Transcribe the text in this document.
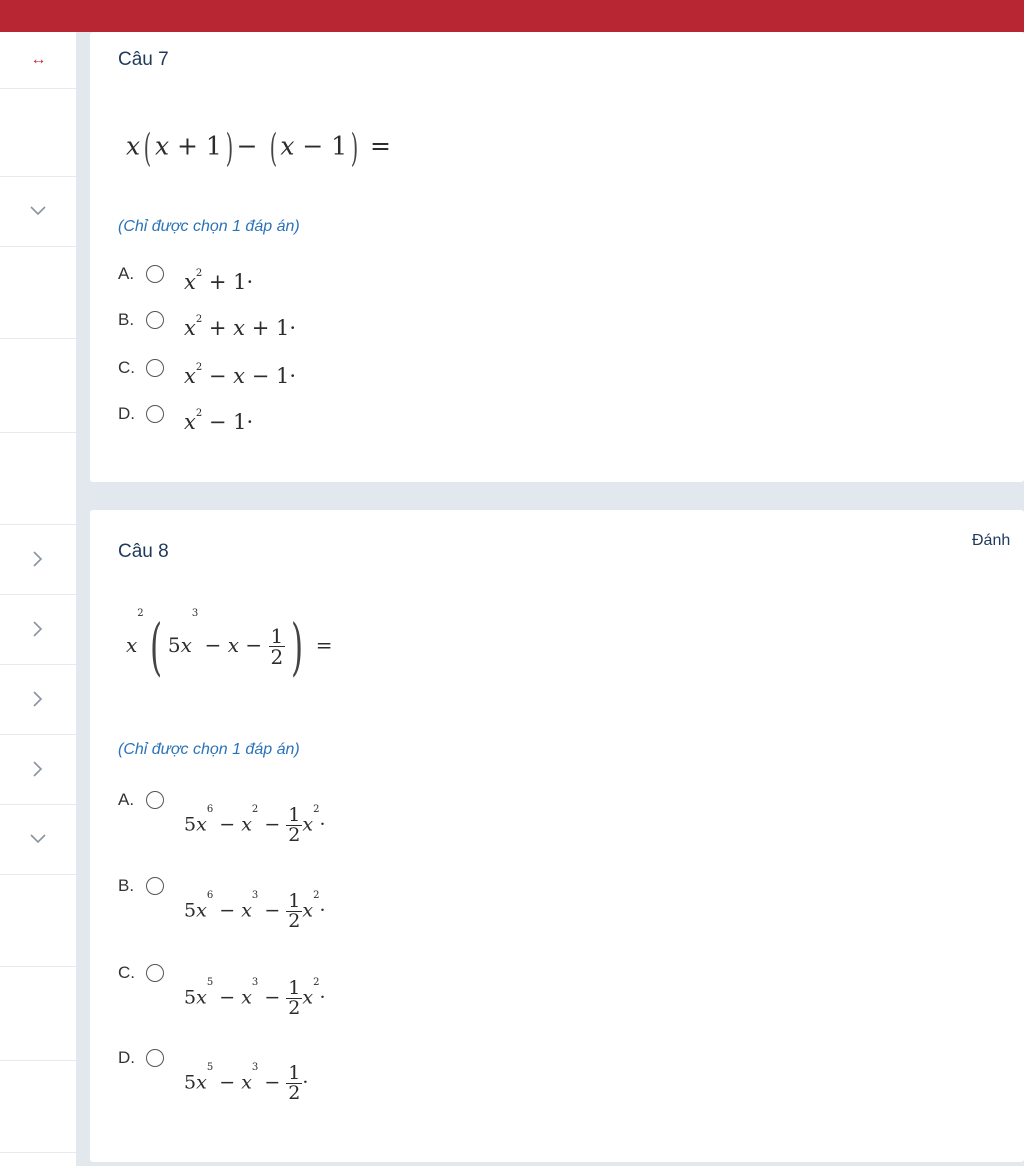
↔	Câu 7
x( x + 1) − ( x − 1) =
(Chỉ được chọn 1 đáp án)
A. $x^2 + 1\cdot$
B. $x^2 + x + 1\cdot$
C. $x^2 - x - 1\cdot$
D. $x^2 - 1\cdot$
Câu 8
$x^2$( $5x^3 - x - \frac{1}{2}$ ) =
(Chỉ được chọn 1 đáp án)
A.
$5x^6 - x^2 - \frac{1}{2} x^2\cdot$
B.
$5x^6 - x^3 - \frac{1}{2} x^2\cdot$
C.
$5x^5 - x^3 - \frac{1}{2} x^2\cdot$
D.
$5x^5 - x^3 - \frac{1}{2}$ ·
Đánh
